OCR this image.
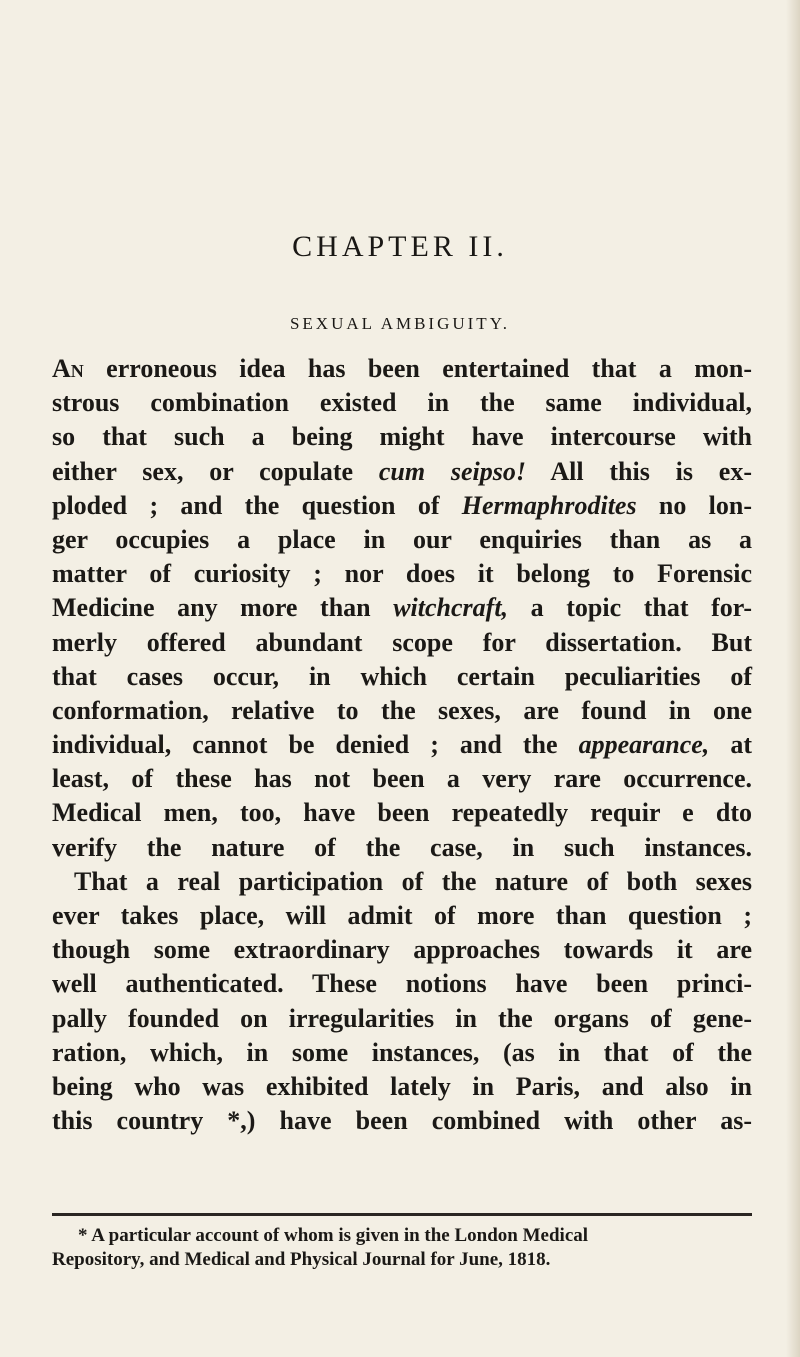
CHAPTER II.
SEXUAL AMBIGUITY.
An erroneous idea has been entertained that a mon-
strous combination existed in the same individual,
so that such a being might have intercourse with
either sex, or copulate cum seipso! All this is ex-
ploded ; and the question of Hermaphrodites no lon-
ger occupies a place in our enquiries than as a
matter of curiosity ; nor does it belong to Forensic
Medicine any more than witchcraft, a topic that for-
merly offered abundant scope for dissertation. But
that cases occur, in which certain peculiarities of
conformation, relative to the sexes, are found in one
individual, cannot be denied ; and the appearance, at
least, of these has not been a very rare occurrence.
Medical men, too, have been repeatedly requir e dto
verify the nature of the case, in such instances.
That a real participation of the nature of both sexes
ever takes place, will admit of more than question ;
though some extraordinary approaches towards it are
well authenticated. These notions have been princi-
pally founded on irregularities in the organs of gene-
ration, which, in some instances, (as in that of the
being who was exhibited lately in Paris, and also in
this country *,) have been combined with other as-
* A particular account of whom is given in the London Medical
Repository, and Medical and Physical Journal for June, 1818.
